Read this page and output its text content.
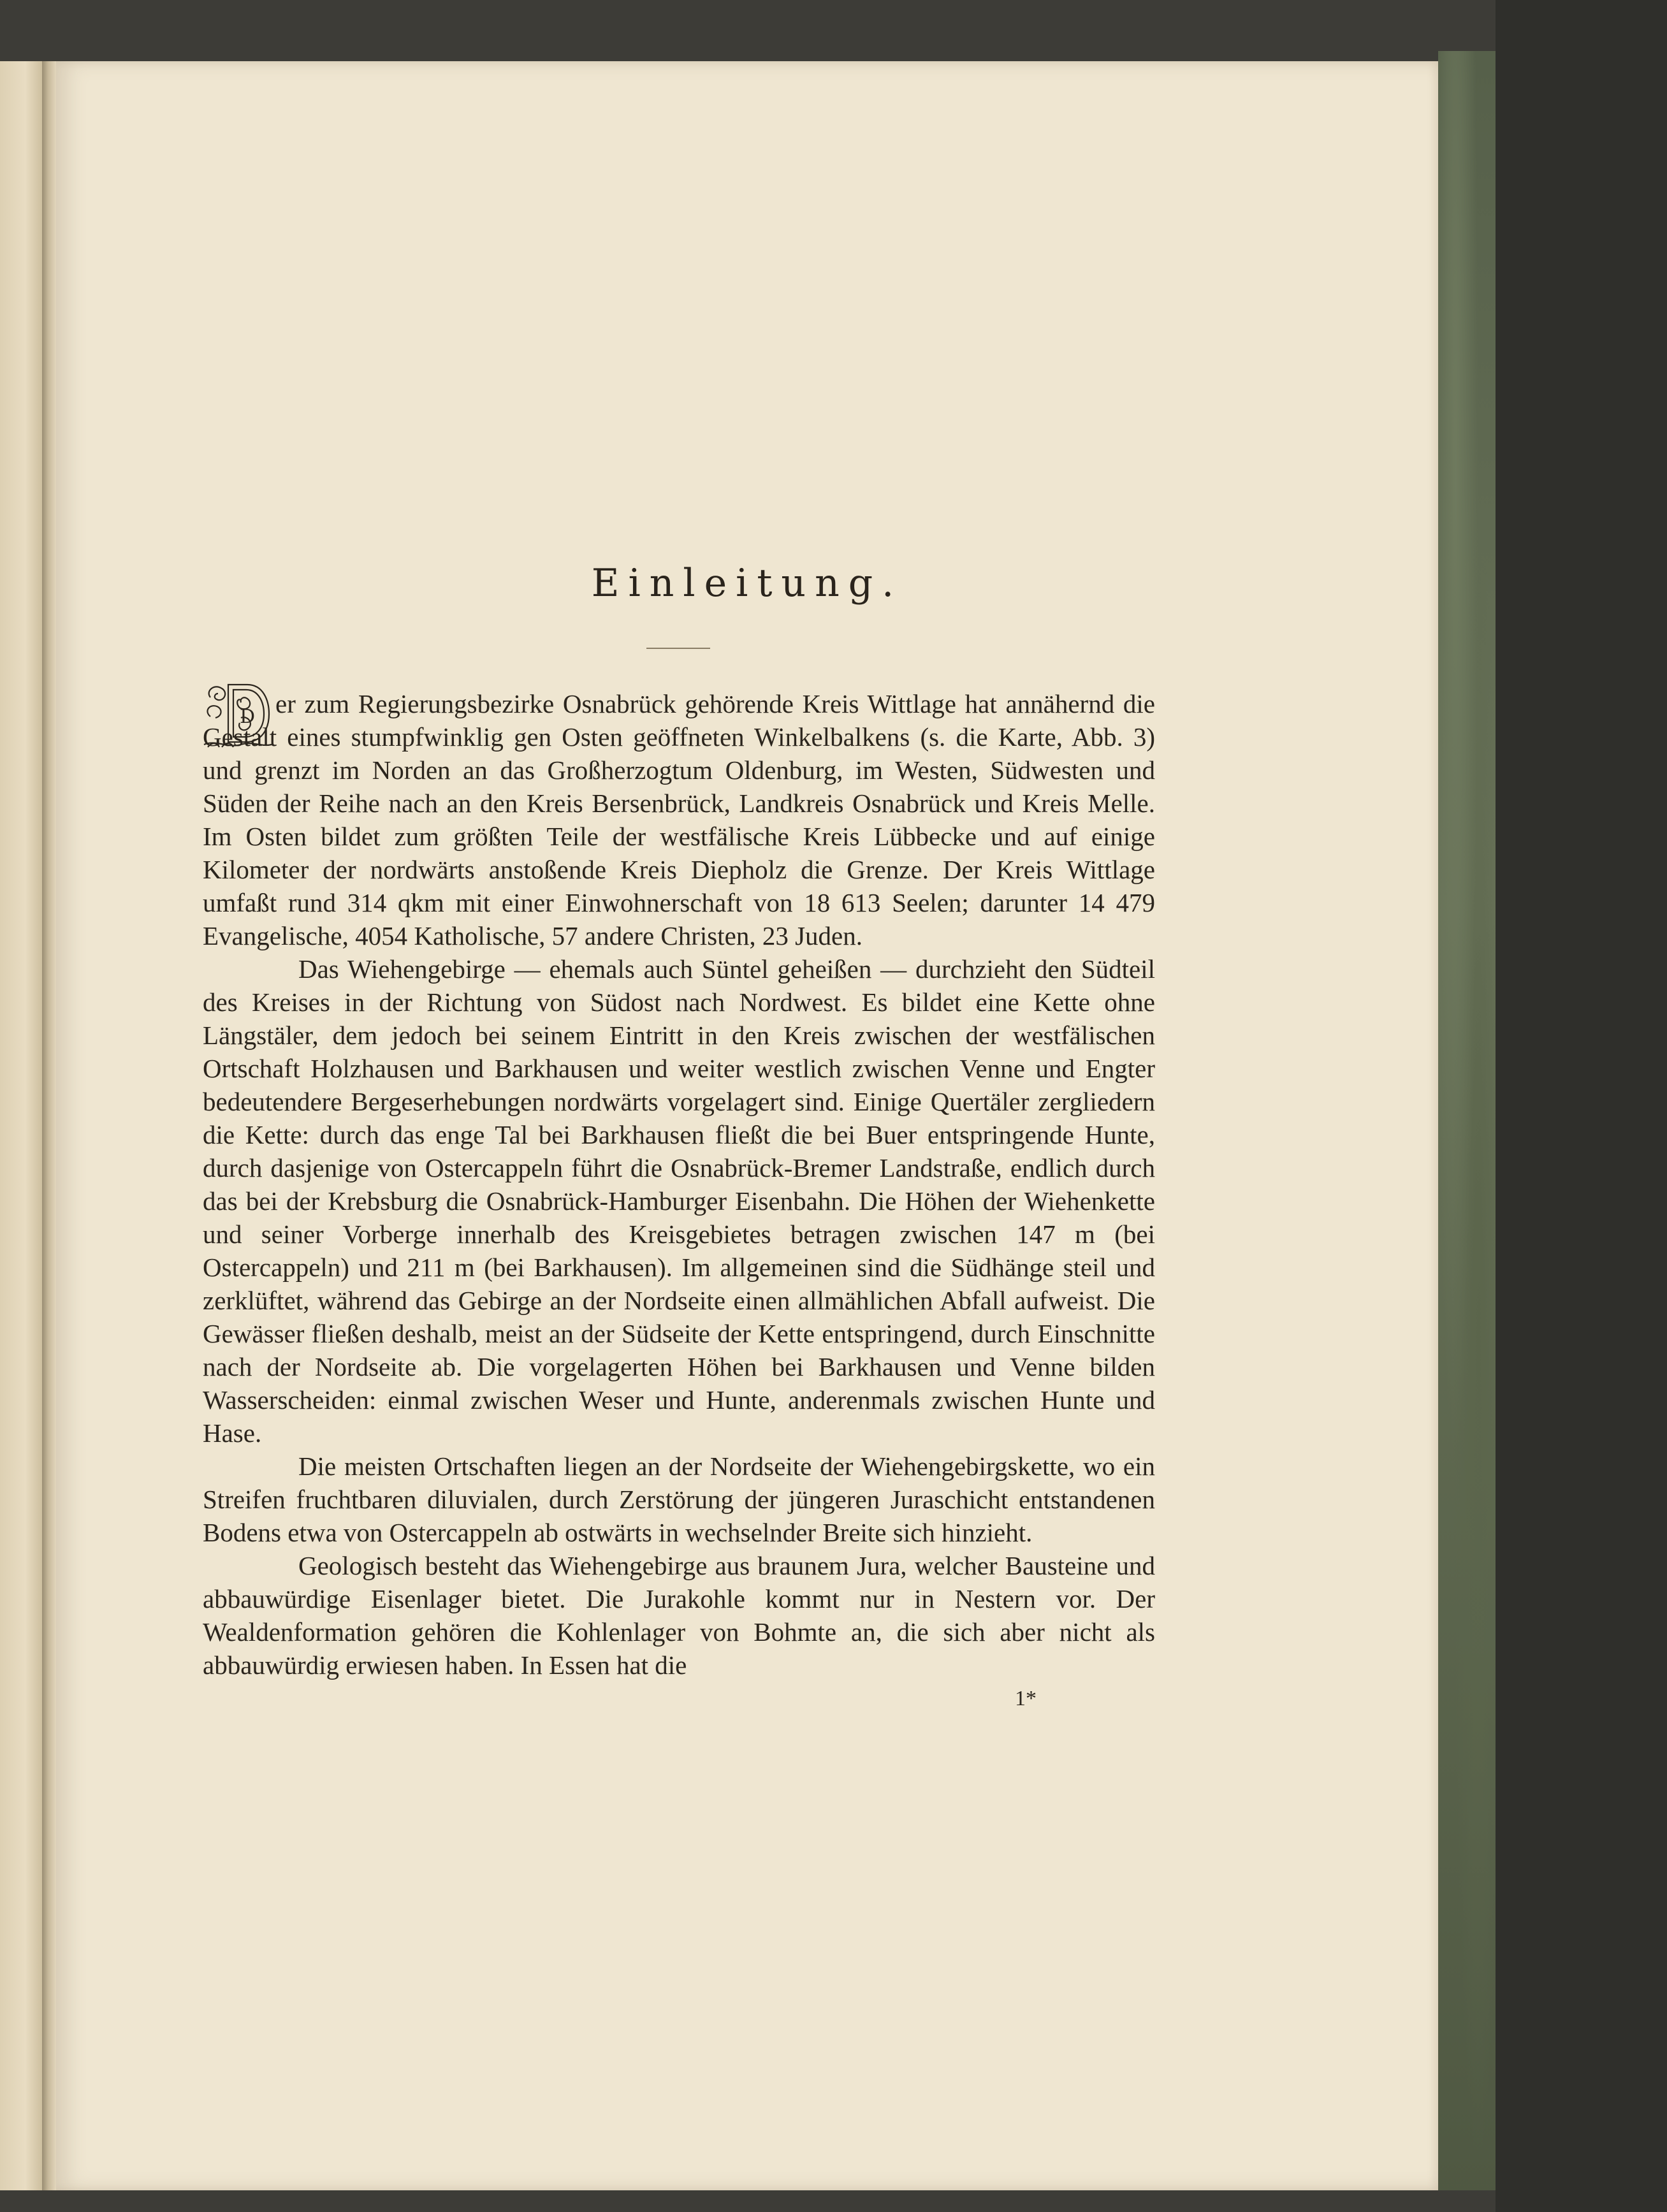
Einleitung.
D er zum Regierungsbezirke Osnabrück gehörende Kreis Wittlage hat annähernd die Gestalt eines stumpfwinklig gen Osten geöffneten Winkelbalkens (s. die Karte, Abb. 3) und grenzt im Norden an das Großherzogtum Oldenburg, im Westen, Südwesten und Süden der Reihe nach an den Kreis Bersenbrück, Landkreis Osnabrück und Kreis Melle. Im Osten bildet zum größten Teile der westfälische Kreis Lübbecke und auf einige Kilometer der nordwärts anstoßende Kreis Diepholz die Grenze. Der Kreis Wittlage umfaßt rund 314 qkm mit einer Einwohnerschaft von 18 613 Seelen; darunter 14 479 Evangelische, 4054 Katholische, 57 andere Christen, 23 Juden.

Das Wiehengebirge — ehemals auch Süntel geheißen — durchzieht den Südteil des Kreises in der Richtung von Südost nach Nordwest. Es bildet eine Kette ohne Längstäler, dem jedoch bei seinem Eintritt in den Kreis zwischen der westfälischen Ortschaft Holzhausen und Barkhausen und weiter westlich zwischen Venne und Engter bedeutendere Bergeserhebungen nordwärts vorgelagert sind. Einige Quertäler zergliedern die Kette: durch das enge Tal bei Barkhausen fließt die bei Buer entspringende Hunte, durch dasjenige von Ostercappeln führt die Osnabrück-Bremer Landstraße, endlich durch das bei der Krebsburg die Osnabrück-Hamburger Eisenbahn. Die Höhen der Wiehenkette und seiner Vorberge innerhalb des Kreisgebietes betragen zwischen 147 m (bei Ostercappeln) und 211 m (bei Barkhausen). Im allgemeinen sind die Südhänge steil und zerklüftet, während das Gebirge an der Nordseite einen allmählichen Abfall aufweist. Die Gewässer fließen deshalb, meist an der Südseite der Kette entspringend, durch Einschnitte nach der Nordseite ab. Die vorgelagerten Höhen bei Barkhausen und Venne bilden Wasserscheiden: einmal zwischen Weser und Hunte, anderenmals zwischen Hunte und Hase.

Die meisten Ortschaften liegen an der Nordseite der Wiehengebirgskette, wo ein Streifen fruchtbaren diluvialen, durch Zerstörung der jüngeren Juraschicht entstandenen Bodens etwa von Ostercappeln ab ostwärts in wechselnder Breite sich hinzieht.

Geologisch besteht das Wiehengebirge aus braunem Jura, welcher Bausteine und abbauwürdige Eisenlager bietet. Die Jurakohle kommt nur in Nestern vor. Der Wealdenformation gehören die Kohlenlager von Bohmte an, die sich aber nicht als abbauwürdig erwiesen haben. In Essen hat die

1*
